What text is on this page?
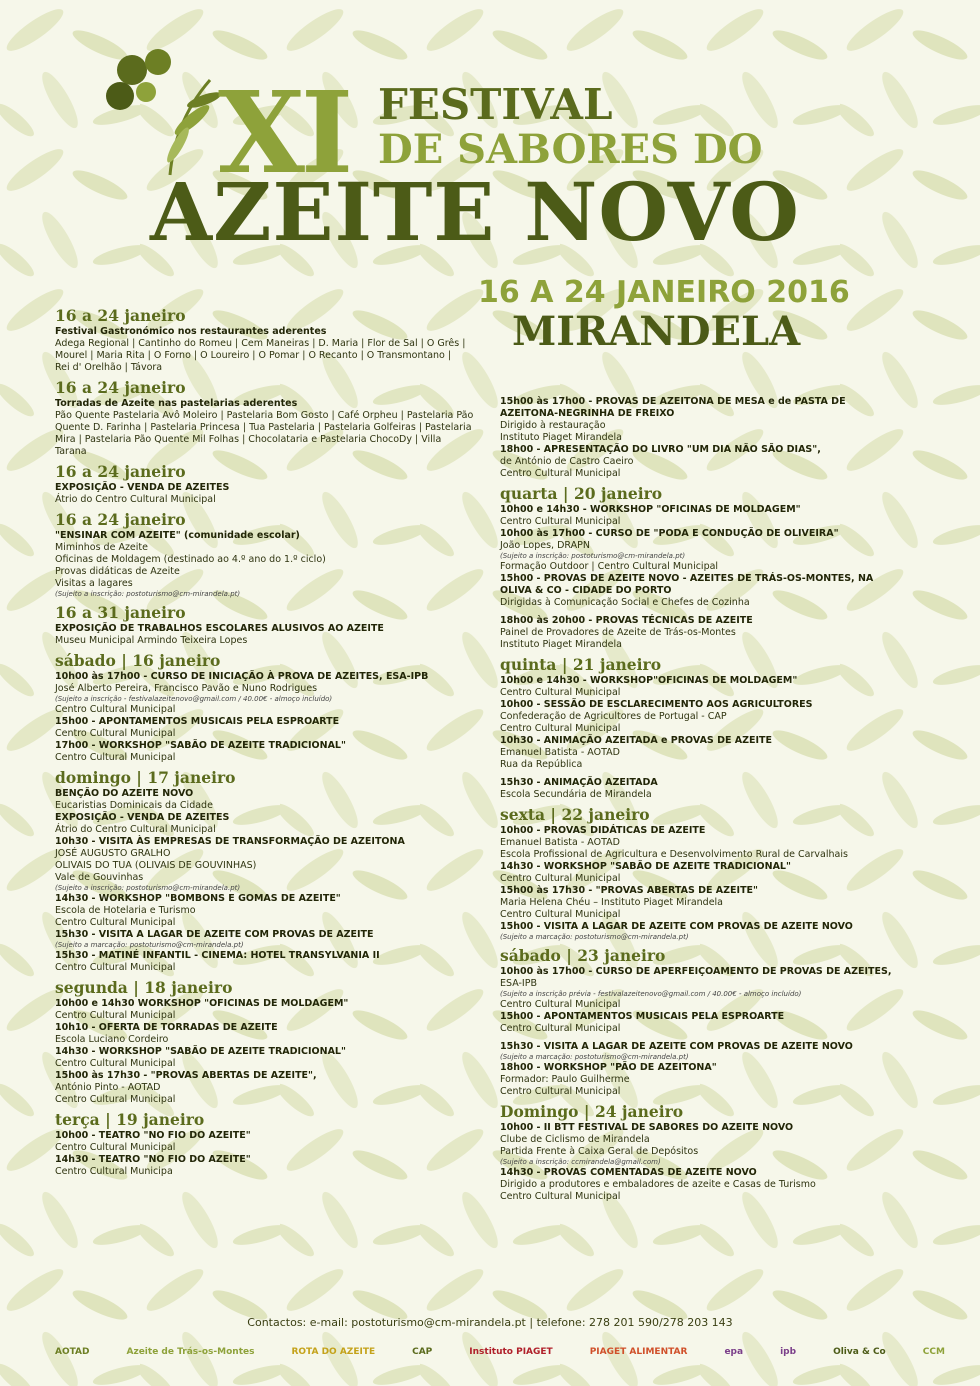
XI FESTIVAL
DE SABORES DO
AZEITE NOVO
16 A 24 JANEIRO 2016
MIRANDELA
16 a 24 janeiro
Festival Gastronómico nos restaurantes aderentes
Adega Regional | Cantinho do Romeu | Cem Maneiras | D. Maria | Flor de Sal | O Grês |
Mourel | Maria Rita | O Forno | O Loureiro | O Pomar | O Recanto | O Transmontano |
Rei d' Orelhão | Távora
16 a 24 janeiro
Torradas de Azeite nas pastelarias aderentes
Pão Quente Pastelaria Avô Moleiro | Pastelaria Bom Gosto | Café Orpheu | Pastelaria Pão
Quente D. Farinha | Pastelaria Princesa | Tua Pastelaria | Pastelaria Golfeiras | Pastelaria
Mira | Pastelaria Pão Quente Mil Folhas | Chocolataria e Pastelaria ChocoDy | Villa Tarana
16 a 24 janeiro
EXPOSIÇÃO - VENDA DE AZEITES
Átrio do Centro Cultural Municipal
16 a 24 janeiro
"ENSINAR COM AZEITE" (comunidade escolar)
Miminhos de Azeite
Oficinas de Moldagem (destinado ao 4.º ano do 1.º ciclo)
Provas didáticas de Azeite
Visitas a lagares
(Sujeito a inscrição: postoturismo@cm-mirandela.pt)
16 a 31 janeiro
EXPOSIÇÃO DE TRABALHOS ESCOLARES ALUSIVOS AO AZEITE
Museu Municipal Armindo Teixeira Lopes
sábado | 16 janeiro
10h00 às 17h00 - CURSO DE INICIAÇÃO À PROVA DE AZEITES, ESA-IPB
José Alberto Pereira, Francisco Pavão e Nuno Rodrigues
(Sujeito a inscrição - festivalazeitenovo@gmail.com / 40.00€ - almoço incluído)
Centro Cultural Municipal
15h00 - APONTAMENTOS MUSICAIS PELA ESPROARTE
Centro Cultural Municipal
17h00 - WORKSHOP "SABÃO DE AZEITE TRADICIONAL"
Centro Cultural Municipal
domingo | 17 janeiro
BENÇÃO DO AZEITE NOVO
Eucaristias Dominicais da Cidade
EXPOSIÇÃO - VENDA DE AZEITES
Átrio do Centro Cultural Municipal
10h30 - VISITA ÀS EMPRESAS DE TRANSFORMAÇÃO DE AZEITONA
JOSÉ AUGUSTO GRALHO
OLIVAIS DO TUA (OLIVAIS DE GOUVINHAS)
Vale de Gouvinhas
(Sujeito a inscrição: postoturismo@cm-mirandela.pt)
14h30 - WORKSHOP "BOMBONS E GOMAS DE AZEITE"
Escola de Hotelaria e Turismo
Centro Cultural Municipal
15h30 - VISITA A LAGAR DE AZEITE COM PROVAS DE AZEITE
(Sujeito a marcação: postoturismo@cm-mirandela.pt)
15h30 - MATINÉ INFANTIL - CINEMA: HOTEL TRANSYLVANIA II
Centro Cultural Municipal
segunda | 18 janeiro
10h00 e 14h30 WORKSHOP "OFICINAS DE MOLDAGEM"
Centro Cultural Municipal
10h10 - OFERTA DE TORRADAS DE AZEITE
Escola Luciano Cordeiro
14h30 - WORKSHOP "SABÃO DE AZEITE TRADICIONAL"
Centro Cultural Municipal
15h00 às 17h30 - "PROVAS ABERTAS DE AZEITE",
António Pinto - AOTAD
Centro Cultural Municipal
terça | 19 janeiro
10h00 - TEATRO "NO FIO DO AZEITE"
Centro Cultural Municipal
14h30 - TEATRO "NO FIO DO AZEITE"
Centro Cultural Municipa
15h00 às 17h00 - PROVAS DE AZEITONA DE MESA e de PASTA DE
AZEITONA-NEGRINHA DE FREIXO
Dirigido à restauração
Instituto Piaget Mirandela
18h00 - APRESENTAÇÃO DO LIVRO "UM DIA NÃO SÃO DIAS",
de António de Castro Caeiro
Centro Cultural Municipal
quarta | 20 janeiro
10h00 e 14h30 - WORKSHOP "OFICINAS DE MOLDAGEM"
Centro Cultural Municipal
10h00 às 17h00 - CURSO DE "PODA E CONDUÇÃO DE OLIVEIRA"
João Lopes, DRAPN
(Sujeito a inscrição: postoturismo@cm-mirandela.pt)
Formação Outdoor | Centro Cultural Municipal
15h00 - PROVAS DE AZEITE NOVO - AZEITES DE TRÁS-OS-MONTES, NA
OLIVA & CO - CIDADE DO PORTO
Dirigidas à Comunicação Social e Chefes de Cozinha
18h00 às 20h00 - PROVAS TÉCNICAS DE AZEITE
Painel de Provadores de Azeite de Trás-os-Montes
Instituto Piaget Mirandela
quinta | 21 janeiro
10h00 e 14h30 - WORKSHOP"OFICINAS DE MOLDAGEM"
Centro Cultural Municipal
10h00 - SESSÃO DE ESCLARECIMENTO AOS AGRICULTORES
Confederação de Agricultores de Portugal - CAP
Centro Cultural Municipal
10h30 - ANIMAÇÃO AZEITADA e PROVAS DE AZEITE
Emanuel Batista - AOTAD
Rua da República
15h30 - ANIMAÇÃO AZEITADA
Escola Secundária de Mirandela
sexta | 22 janeiro
10h00 - PROVAS DIDÁTICAS DE AZEITE
Emanuel Batista - AOTAD
Escola Profissional de Agricultura e Desenvolvimento Rural de Carvalhais
14h30 - WORKSHOP "SABÃO DE AZEITE TRADICIONAL"
Centro Cultural Municipal
15h00 às 17h30 - "PROVAS ABERTAS DE AZEITE"
Maria Helena Chéu – Instituto Piaget Mirandela
Centro Cultural Municipal
15h00 - VISITA A LAGAR DE AZEITE COM PROVAS DE AZEITE NOVO
(Sujeito a marcação: postoturismo@cm-mirandela.pt)
sábado | 23 janeiro
10h00 às 17h00 - CURSO DE APERFEIÇOAMENTO DE PROVAS DE AZEITES,
ESA-IPB
(Sujeito a inscrição prévia - festivalazeitenovo@gmail.com / 40.00€ - almoço incluído)
Centro Cultural Municipal
15h00 - APONTAMENTOS MUSICAIS PELA ESPROARTE
Centro Cultural Municipal
15h30 - VISITA A LAGAR DE AZEITE COM PROVAS DE AZEITE NOVO
(Sujeito a marcação: postoturismo@cm-mirandela.pt)
18h00 - WORKSHOP "PÃO DE AZEITONA"
Formador: Paulo Guilherme
Centro Cultural Municipal
Domingo | 24 janeiro
10h00 - II BTT FESTIVAL DE SABORES DO AZEITE NOVO
Clube de Ciclismo de Mirandela
Partida Frente à Caixa Geral de Depósitos
(Sujeito a inscrição: ccmirandela@gmail.com)
14h30 - PROVAS COMENTADAS DE AZEITE NOVO
Dirigido a produtores e embaladores de azeite e Casas de Turismo
Centro Cultural Municipal
Contactos: e-mail: postoturismo@cm-mirandela.pt | telefone: 278 201 590/278 203 143
AOTAD	Azeite de Trás-os-Montes	ROTA DO AZEITE	CAP	Instituto PIAGET	PIAGET ALIMENTAR	epa	ipb	Oliva & Co	CCM
